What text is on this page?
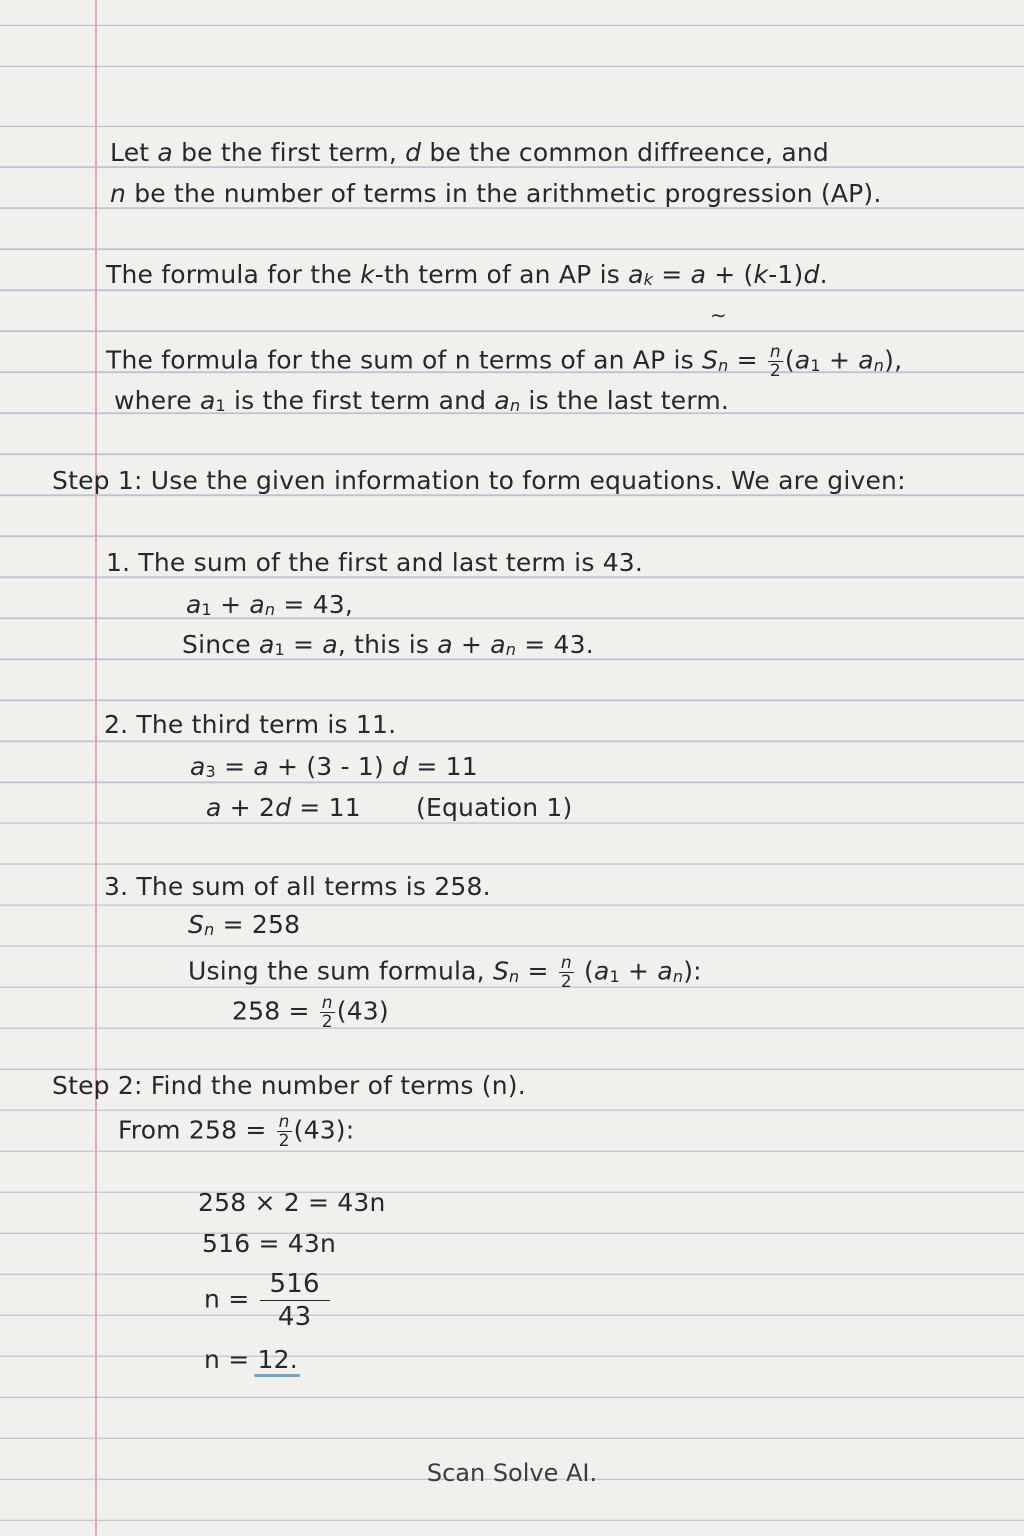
Let a be the first term, d be the common diffreence, and
n be the number of terms in the arithmetic progression (AP).
The formula for the k-th term of an AP is $a_k = a + (k-1)d$.
∼
The formula for the sum of n terms of an AP is $S_n = \frac{n}{2} (a_1 + a_n)$,
where $a_1$ is the first term and $a_n$ is the last term.
Step 1: Use the given information to form equations. We are given:
1. The sum of the first and last term is 43.
$a_1 + a_n = 43$,
Since $a_1 = a$, this is $a + a_n = 43$.
2. The third term is 11.
$a_3 = a + (3 - 1) d = 11$
a + 2d = 11 (Equation 1)
3. The sum of all terms is 258.
$S_n = 258$
Using the sum formula, $S_n = \frac{n}{2} (a_1 + a_n)$:
$258 = \frac{n}{2} (43)$
Step 2: Find the number of terms (n).
From $258 = \frac{n}{2} (43)$:
258 × 2 = 43n
516 = 43n
$n = \frac{516}{43}$
n = 12.
Scan Solve AI.
